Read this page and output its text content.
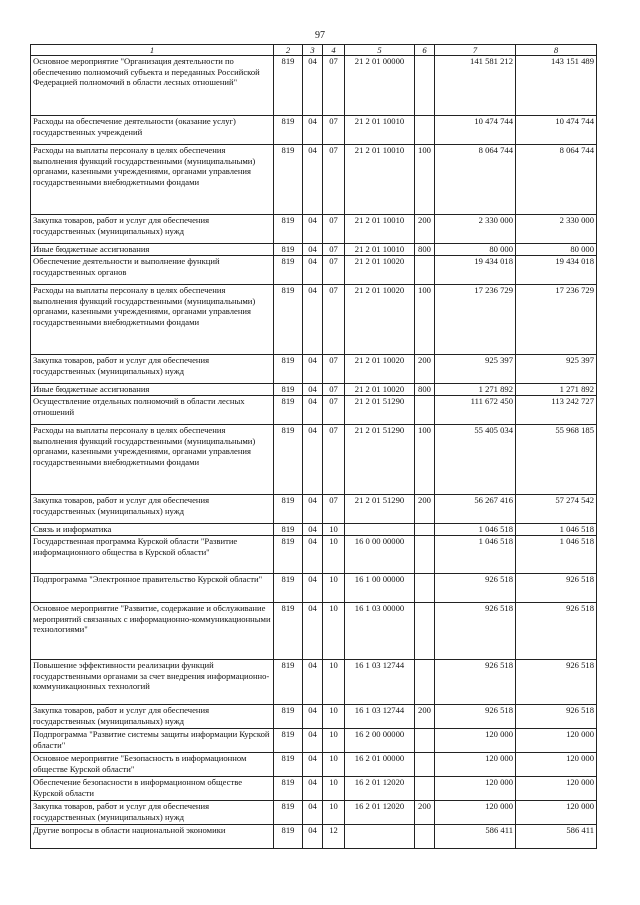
97
1	2	3	4	5	6	7	8
Основное мероприятие "Организация деятельности по обеспечению полномочий субъекта и переданных Российской Федерацией полномочий в области лесных отношений"	819	04	07	21 2 01 00000		141 581 212	143 151 489
Расходы на обеспечение деятельности (оказание услуг) государственных учреждений	819	04	07	21 2 01 10010		10 474 744	10 474 744
Расходы на выплаты персоналу в целях обеспечения выполнения функций государственными (муниципальными) органами, казенными учреждениями, органами управления государственными внебюджетными фондами	819	04	07	21 2 01 10010	100	8 064 744	8 064 744
Закупка товаров, работ и услуг для обеспечения государственных (муниципальных) нужд	819	04	07	21 2 01 10010	200	2 330 000	2 330 000
Иные бюджетные ассигнования	819	04	07	21 2 01 10010	800	80 000	80 000
Обеспечение деятельности и выполнение функций государственных органов	819	04	07	21 2 01 10020		19 434 018	19 434 018
Расходы на выплаты персоналу в целях обеспечения выполнения функций государственными (муниципальными) органами, казенными учреждениями, органами управления государственными внебюджетными фондами	819	04	07	21 2 01 10020	100	17 236 729	17 236 729
Закупка товаров, работ и услуг для обеспечения государственных (муниципальных) нужд	819	04	07	21 2 01 10020	200	925 397	925 397
Иные бюджетные ассигнования	819	04	07	21 2 01 10020	800	1 271 892	1 271 892
Осуществление отдельных полномочий в области лесных отношений	819	04	07	21 2 01 51290		111 672 450	113 242 727
Расходы на выплаты персоналу в целях обеспечения выполнения функций государственными (муниципальными) органами, казенными учреждениями, органами управления государственными внебюджетными фондами	819	04	07	21 2 01 51290	100	55 405 034	55 968 185
Закупка товаров, работ и услуг для обеспечения государственных (муниципальных) нужд	819	04	07	21 2 01 51290	200	56 267 416	57 274 542
Связь и информатика	819	04	10			1 046 518	1 046 518
Государственная программа Курской области "Развитие информационного общества в Курской области"	819	04	10	16 0 00 00000		1 046 518	1 046 518
Подпрограмма "Электронное правительство Курской области"	819	04	10	16 1 00 00000		926 518	926 518
Основное мероприятие "Развитие, содержание и обслуживание мероприятий связанных с информационно-коммуникационными технологиями"	819	04	10	16 1 03 00000		926 518	926 518
Повышение эффективности реализации функций государственными органами за счет внедрения информационно-коммуникационных технологий	819	04	10	16 1 03 12744		926 518	926 518
Закупка товаров, работ и услуг для обеспечения государственных (муниципальных) нужд	819	04	10	16 1 03 12744	200	926 518	926 518
Подпрограмма "Развитие системы защиты информации Курской области"	819	04	10	16 2 00 00000		120 000	120 000
Основное мероприятие "Безопасность в информационном обществе Курской области"	819	04	10	16 2 01 00000		120 000	120 000
Обеспечение безопасности в информационном обществе Курской области	819	04	10	16 2 01 12020		120 000	120 000
Закупка товаров, работ и услуг для обеспечения государственных (муниципальных) нужд	819	04	10	16 2 01 12020	200	120 000	120 000
Другие вопросы в области национальной экономики	819	04	12			586 411	586 411
